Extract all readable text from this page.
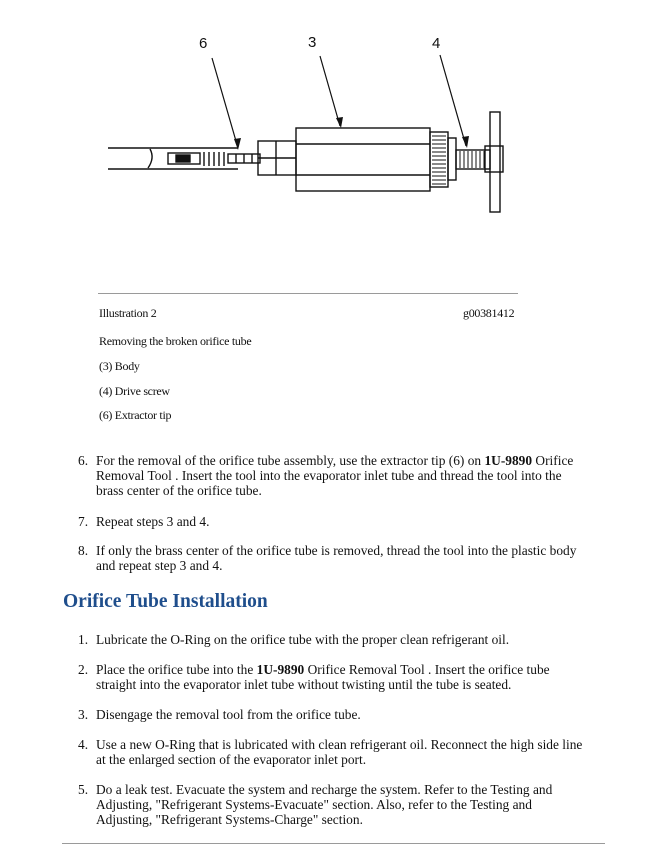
6	3	4
Illustration 2	g00381412
Removing the broken orifice tube
(3) Body
(4) Drive screw
(6) Extractor tip
6. For the removal of the orifice tube assembly, use the extractor tip (6) on 1U-9890 Orifice
Removal Tool . Insert the tool into the evaporator inlet tube and thread the tool into the
brass center of the orifice tube.
7. Repeat steps 3 and 4.
8. If only the brass center of the orifice tube is removed, thread the tool into the plastic body
and repeat step 3 and 4.
Orifice Tube Installation
1. Lubricate the O-Ring on the orifice tube with the proper clean refrigerant oil.
2. Place the orifice tube into the 1U-9890 Orifice Removal Tool . Insert the orifice tube
straight into the evaporator inlet tube without twisting until the tube is seated.
3. Disengage the removal tool from the orifice tube.
4. Use a new O-Ring that is lubricated with clean refrigerant oil. Reconnect the high side line
at the enlarged section of the evaporator inlet port.
5. Do a leak test. Evacuate the system and recharge the system. Refer to the Testing and
Adjusting, "Refrigerant Systems-Evacuate" section. Also, refer to the Testing and
Adjusting, "Refrigerant Systems-Charge" section.
